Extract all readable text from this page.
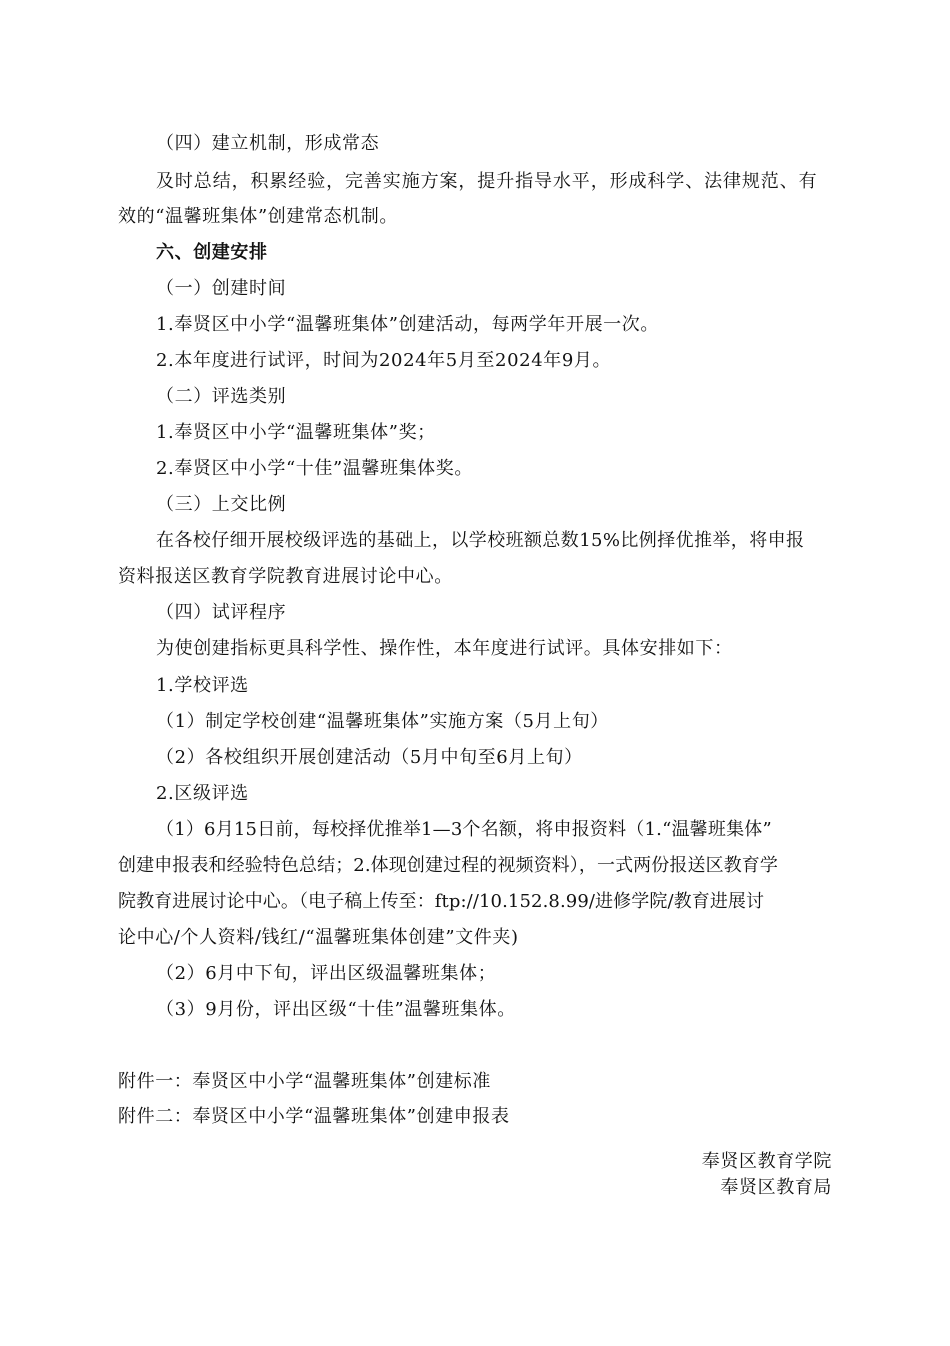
（四）建立机制，形成常态
及时总结，积累经验，完善实施方案，提升指导水平，形成科学、法律规范、有
效的“温馨班集体”创建常态机制。
六、创建安排
（一）创建时间
1.奉贤区中小学“温馨班集体”创建活动，每两学年开展一次。
2.本年度进行试评，时间为2024年5月至2024年9月。
（二）评选类别
1.奉贤区中小学“温馨班集体”奖；
2.奉贤区中小学“十佳”温馨班集体奖。
（三）上交比例
在各校仔细开展校级评选的基础上，以学校班额总数15%比例择优推举，将申报
资料报送区教育学院教育进展讨论中心。
（四）试评程序
为使创建指标更具科学性、操作性，本年度进行试评。具体安排如下：
1.学校评选
（1）制定学校创建“温馨班集体”实施方案（5月上旬）
（2）各校组织开展创建活动（5月中旬至6月上旬）
2.区级评选
（1）6月15日前，每校择优推举1—3个名额，将申报资料（1.“温馨班集体”
创建申报表和经验特色总结；2.体现创建过程的视频资料），一式两份报送区教育学
院教育进展讨论中心。（电子稿上传至：ftp://10.152.8.99/进修学院/教育进展讨
论中心/个人资料/钱红/“温馨班集体创建”文件夹)
（2）6月中下旬，评出区级温馨班集体；
（3）9月份，评出区级“十佳”温馨班集体。
附件一：奉贤区中小学“温馨班集体”创建标准
附件二：奉贤区中小学“温馨班集体”创建申报表
奉贤区教育学院
奉贤区教育局
